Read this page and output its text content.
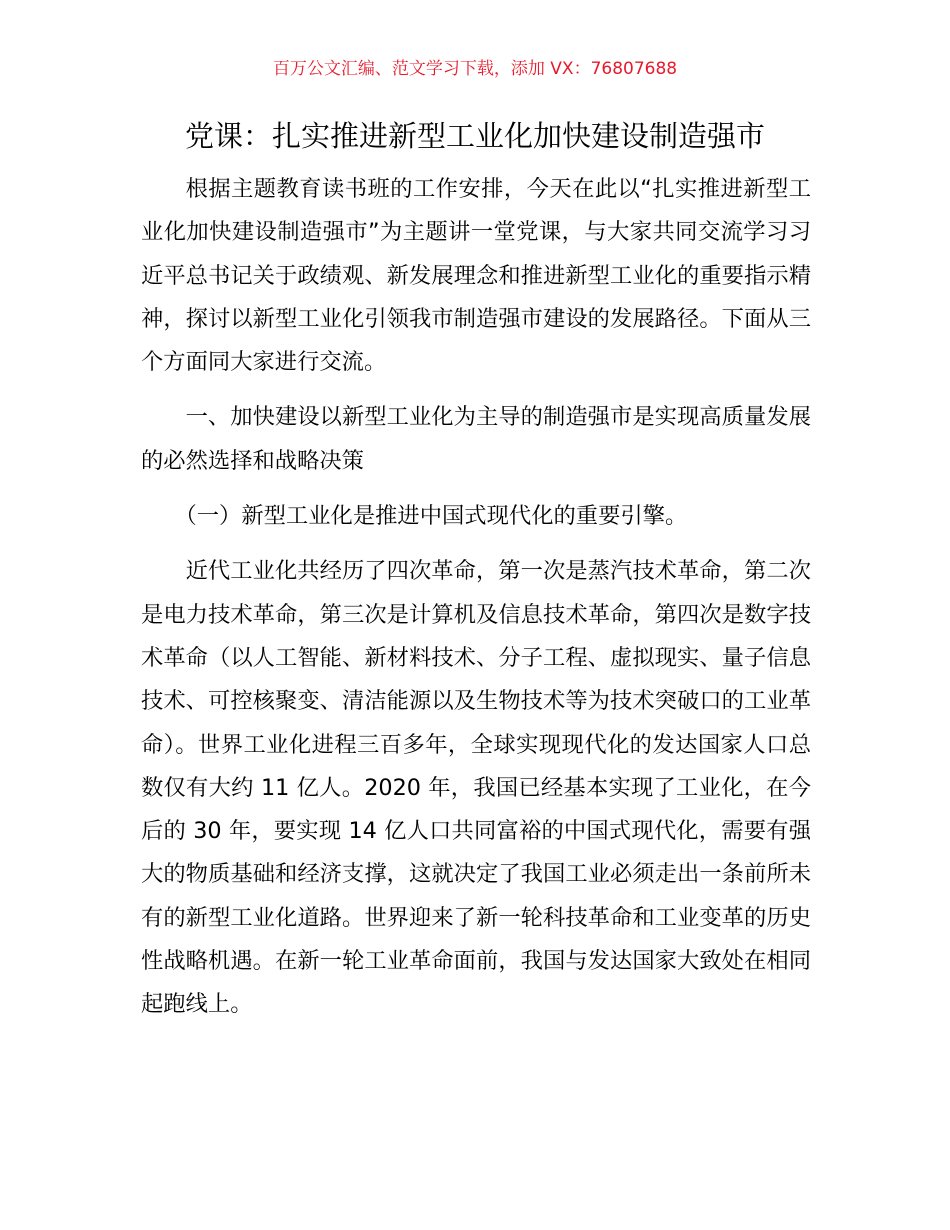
百万公文汇编、范文学习下载，添加 VX：76807688
党课：扎实推进新型工业化加快建设制造强市

根据主题教育读书班的工作安排，今天在此以“扎实推进新型工业化加快建设制造强市”为主题讲一堂党课，与大家共同交流学习习近平总书记关于政绩观、新发展理念和推进新型工业化的重要指示精神，探讨以新型工业化引领我市制造强市建设的发展路径。下面从三个方面同大家进行交流。

一、加快建设以新型工业化为主导的制造强市是实现高质量发展的必然选择和战略决策

（一）新型工业化是推进中国式现代化的重要引擎。

近代工业化共经历了四次革命，第一次是蒸汽技术革命，第二次是电力技术革命，第三次是计算机及信息技术革命，第四次是数字技术革命（以人工智能、新材料技术、分子工程、虚拟现实、量子信息技术、可控核聚变、清洁能源以及生物技术等为技术突破口的工业革命）。世界工业化进程三百多年，全球实现现代化的发达国家人口总数仅有大约 11 亿人。2020 年，我国已经基本实现了工业化，在今后的 30 年，要实现 14 亿人口共同富裕的中国式现代化，需要有强大的物质基础和经济支撑，这就决定了我国工业必须走出一条前所未有的新型工业化道路。世界迎来了新一轮科技革命和工业变革的历史性战略机遇。在新一轮工业革命面前，我国与发达国家大致处在相同起跑线上。
